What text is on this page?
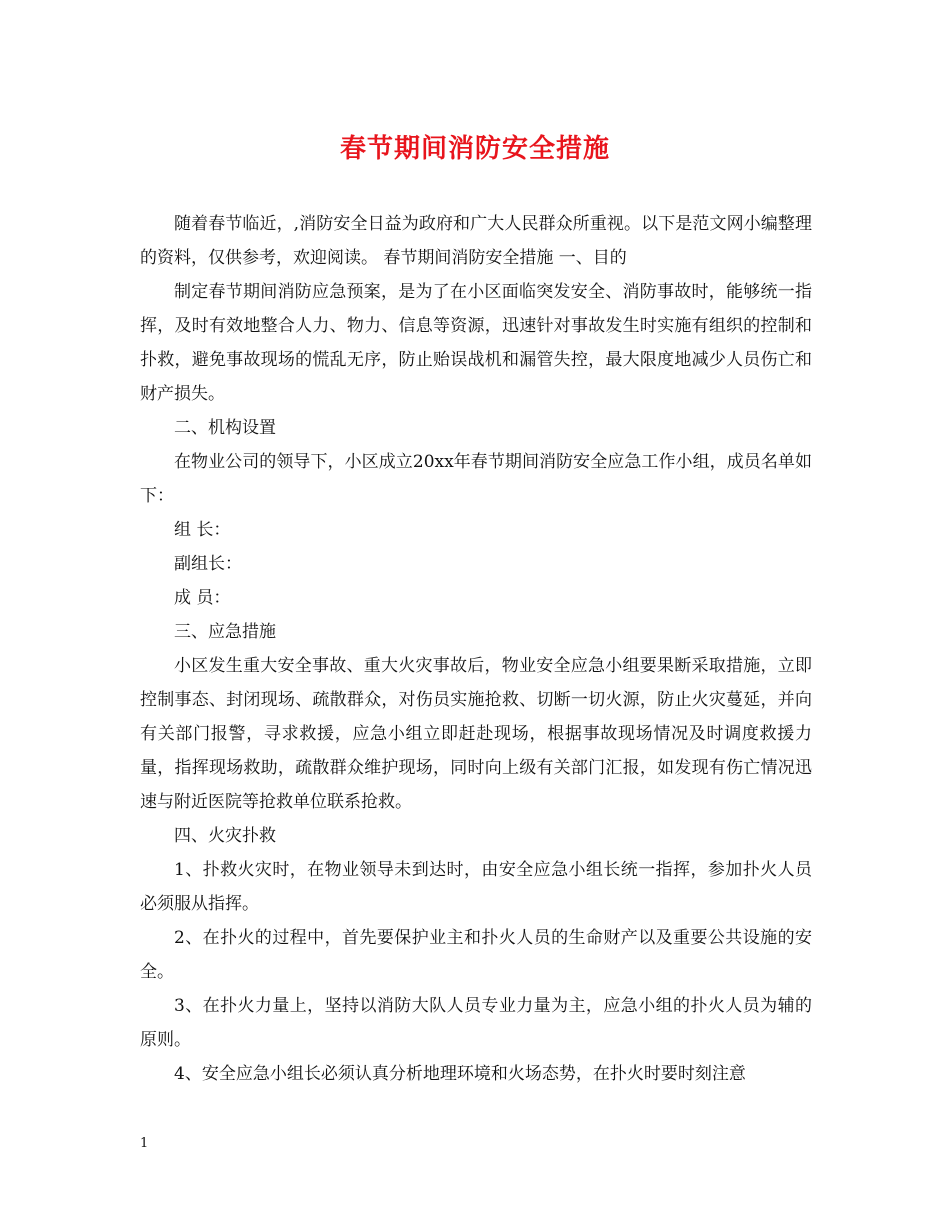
春节期间消防安全措施

随着春节临近，,消防安全日益为政府和广大人民群众所重视。以下是范文网小编整理的资料，仅供参考，欢迎阅读。 春节期间消防安全措施 一、目的

制定春节期间消防应急预案，是为了在小区面临突发安全、消防事故时，能够统一指挥，及时有效地整合人力、物力、信息等资源，迅速针对事故发生时实施有组织的控制和扑救，避免事故现场的慌乱无序，防止贻误战机和漏管失控，最大限度地减少人员伤亡和财产损失。

二、机构设置

在物业公司的领导下，小区成立20xx年春节期间消防安全应急工作小组，成员名单如下：

组 长：

副组长：

成 员：

三、应急措施

小区发生重大安全事故、重大火灾事故后，物业安全应急小组要果断采取措施，立即控制事态、封闭现场、疏散群众，对伤员实施抢救、切断一切火源，防止火灾蔓延，并向有关部门报警，寻求救援，应急小组立即赶赴现场，根据事故现场情况及时调度救援力量，指挥现场救助，疏散群众维护现场，同时向上级有关部门汇报，如发现有伤亡情况迅速与附近医院等抢救单位联系抢救。

四、火灾扑救

1、扑救火灾时，在物业领导未到达时，由安全应急小组长统一指挥，参加扑火人员必须服从指挥。

2、在扑火的过程中，首先要保护业主和扑火人员的生命财产以及重要公共设施的安全。

3、在扑火力量上，坚持以消防大队人员专业力量为主，应急小组的扑火人员为辅的原则。

4、安全应急小组长必须认真分析地理环境和火场态势，在扑火时要时刻注意

1
